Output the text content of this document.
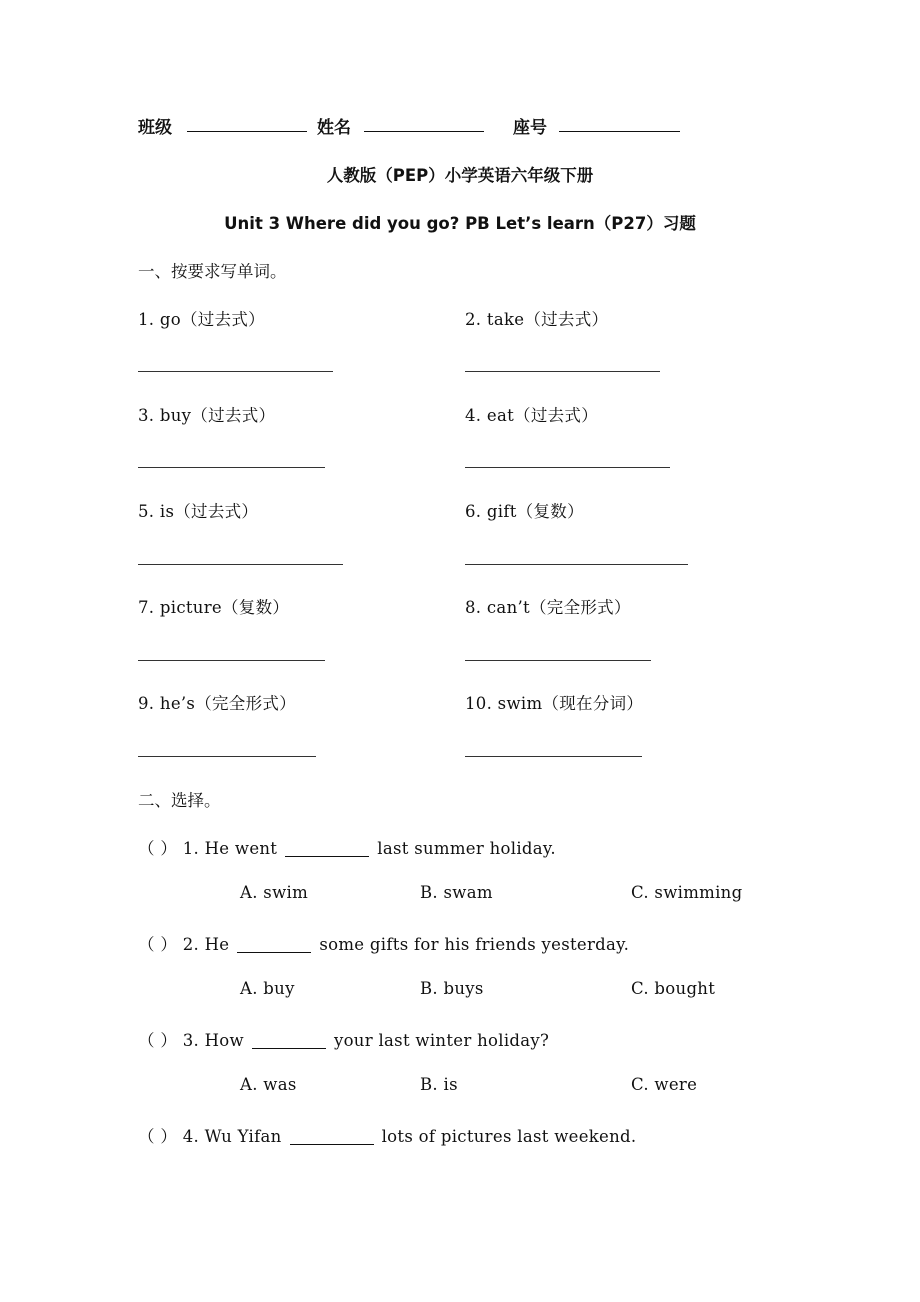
班级	姓名	座号
人教版（PEP）小学英语六年级下册
Unit 3 Where did you go? PB Let’s learn（P27）习题
一、按要求写单词。
1. go（过去式）	2. take（过去式）
3. buy（过去式）	4. eat（过去式）
5. is（过去式）	6. gift（复数）
7. picture（复数）	8. can’t（完全形式）
9. he’s（完全形式）	10. swim（现在分词）
二、选择。
（ ） 1. He went	last summer holiday.
A. swim	B. swam	C. swimming
（ ） 2. He	some gifts for his friends yesterday.
A. buy	B. buys	C. bought
（ ） 3. How	your last winter holiday?
A. was	B. is	C. were
（ ） 4. Wu Yifan	lots of pictures last weekend.
